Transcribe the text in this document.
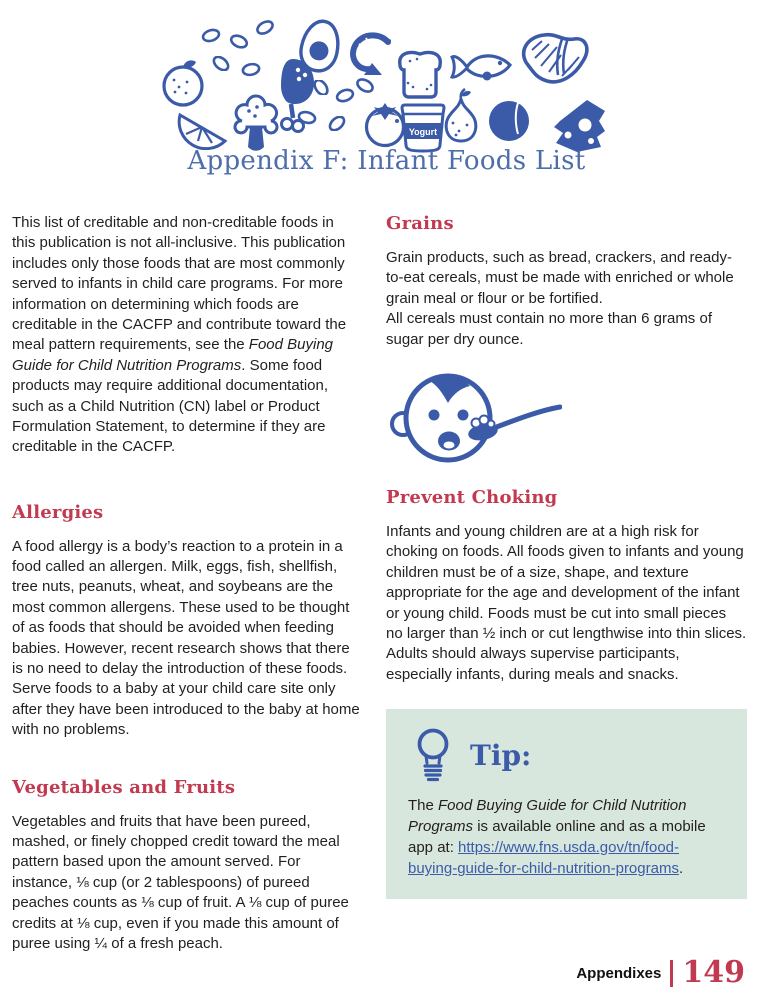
Yogurt
Appendix F: Infant Foods List

This list of creditable and non-creditable foods in this publication is not all-inclusive. This publication includes only those foods that are most commonly served to infants in child care programs. For more information on determining which foods are creditable in the CACFP and contribute toward the meal pattern requirements, see the Food Buying Guide for Child Nutrition Programs. Some food products may require additional documentation, such as a Child Nutrition (CN) label or Product Formulation Statement, to determine if they are creditable in the CACFP.

Allergies

A food allergy is a body’s reaction to a protein in a food called an allergen. Milk, eggs, fish, shellfish, tree nuts, peanuts, wheat, and soybeans are the most common allergens. These used to be thought of as foods that should be avoided when feeding babies. However, recent research shows that there is no need to delay the introduction of these foods. Serve foods to a baby at your child care site only after they have been introduced to the baby at home with no problems.

Vegetables and Fruits

Vegetables and fruits that have been pureed, mashed, or finely chopped credit toward the meal pattern based upon the amount served. For instance, ⅛ cup (or 2 tablespoons) of pureed peaches counts as ⅛ cup of fruit. A ⅛ cup of puree credits at ⅛ cup, even if you made this amount of puree using ¼ of a fresh peach.

Grains

Grain products, such as bread, crackers, and ready-to-eat cereals, must be made with enriched or whole grain meal or flour or be fortified.
All cereals must contain no more than 6 grams of sugar per dry ounce.

Prevent Choking

Infants and young children are at a high risk for choking on foods. All foods given to infants and young children must be of a size, shape, and texture appropriate for the age and development of the infant or young child. Foods must be cut into small pieces no larger than ½ inch or cut lengthwise into thin slices. Adults should always supervise participants, especially infants, during meals and snacks.

Tip:

The Food Buying Guide for Child Nutrition Programs is available online and as a mobile app at: https://www.fns.usda.gov/tn/food-buying-guide-for-child-nutrition-programs.

Appendixes 149
